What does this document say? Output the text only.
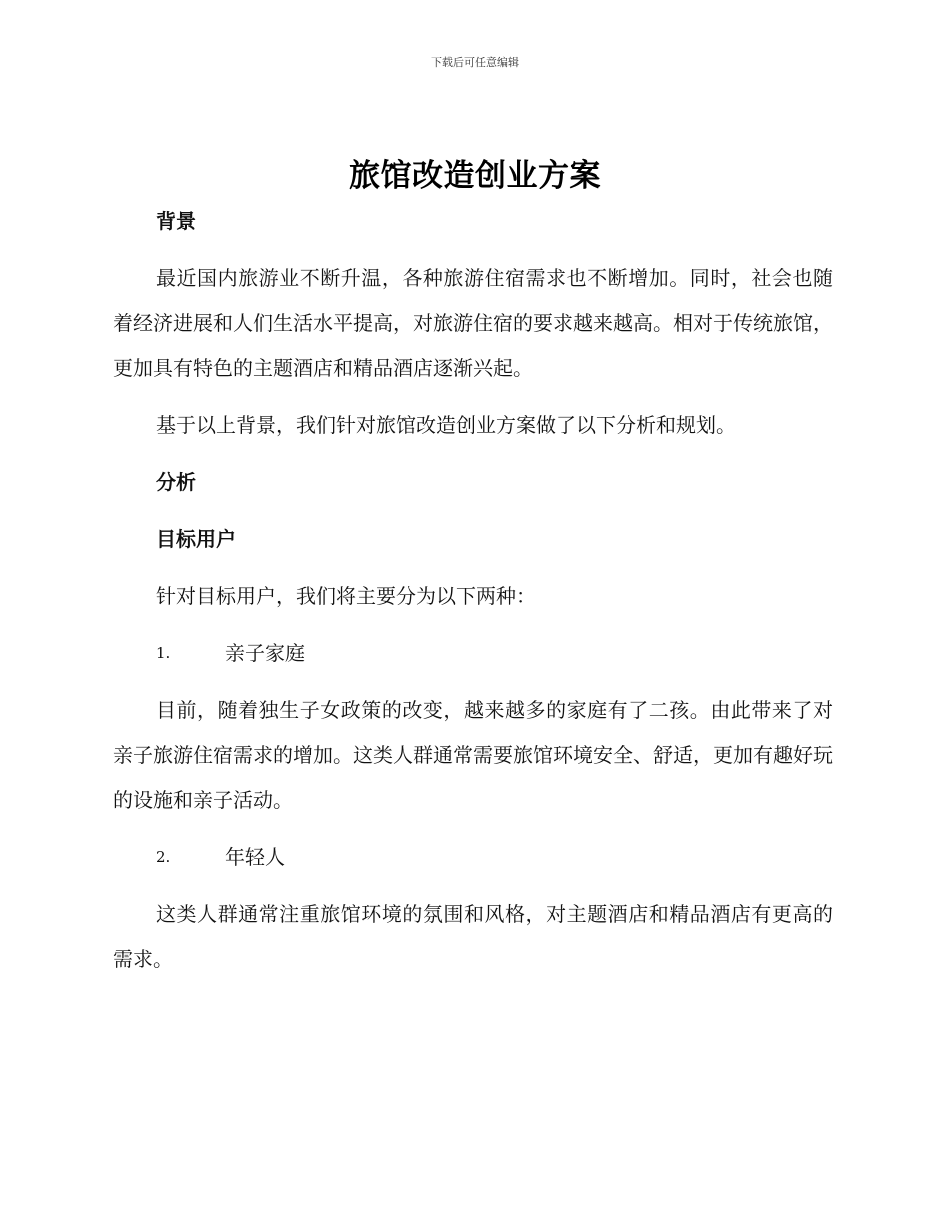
下载后可任意编辑
旅馆改造创业方案
背景
最近国内旅游业不断升温，各种旅游住宿需求也不断增加。同时，社会也随着经济进展和人们生活水平提高，对旅游住宿的要求越来越高。相对于传统旅馆，更加具有特色的主题酒店和精品酒店逐渐兴起。
基于以上背景，我们针对旅馆改造创业方案做了以下分析和规划。
分析
目标用户
针对目标用户，我们将主要分为以下两种：
1.	亲子家庭
目前，随着独生子女政策的改变，越来越多的家庭有了二孩。由此带来了对亲子旅游住宿需求的增加。这类人群通常需要旅馆环境安全、舒适，更加有趣好玩的设施和亲子活动。
2.	年轻人
这类人群通常注重旅馆环境的氛围和风格，对主题酒店和精品酒店有更高的需求。
